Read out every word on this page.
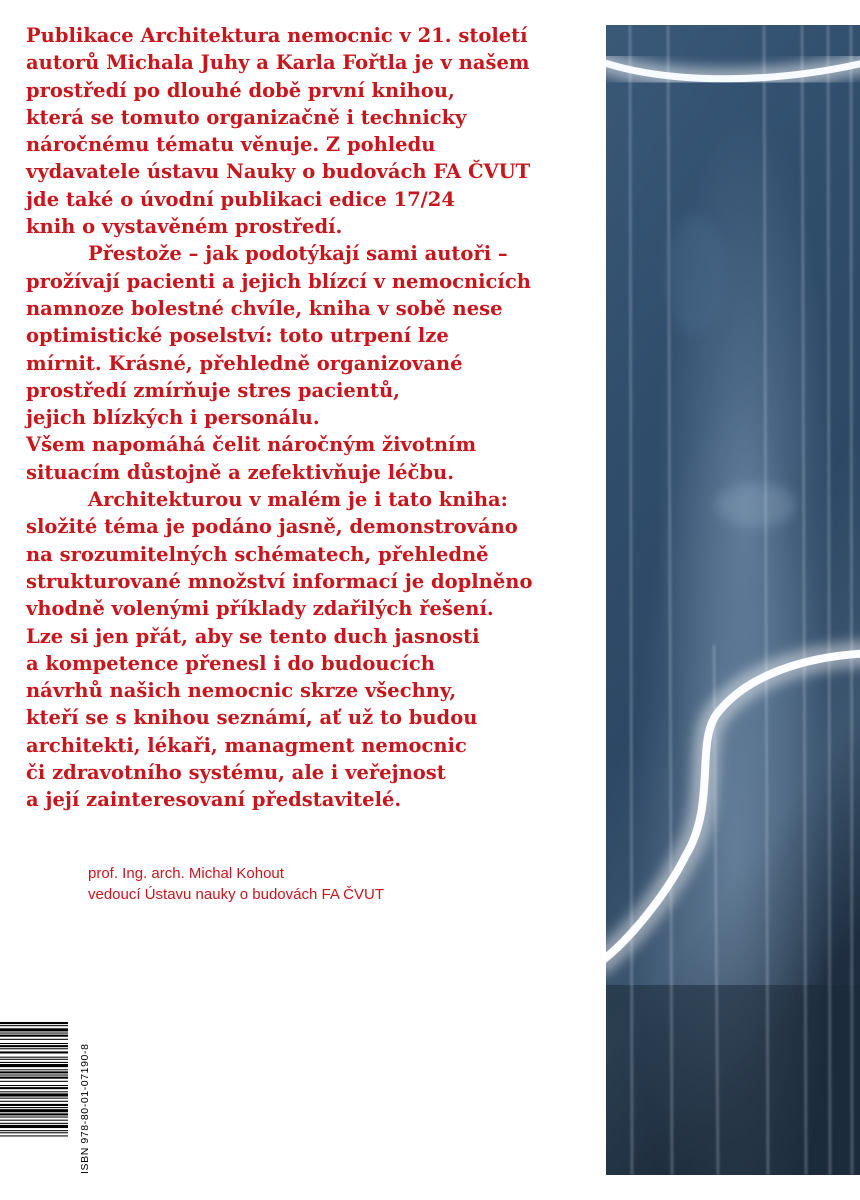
Publikace Architektura nemocnic v 21. století
autorů Michala Juhy a Karla Fořtla je v našem
prostředí po dlouhé době první knihou,
která se tomuto organizačně i technicky
náročnému tématu věnuje. Z pohledu
vydavatele ústavu Nauky o budovách FA ČVUT
jde také o úvodní publikaci edice 17/24
knih o vystavěném prostředí.
Přestože – jak podotýkají sami autoři –
prožívají pacienti a jejich blízcí v nemocnicích
namnoze bolestné chvíle, kniha v sobě nese
optimistické poselství: toto utrpení lze
mírnit. Krásné, přehledně organizované
prostředí zmírňuje stres pacientů,
jejich blízkých i personálu.
Všem napomáhá čelit náročným životním
situacím důstojně a zefektivňuje léčbu.
Architekturou v malém je i tato kniha:
složité téma je podáno jasně, demonstrováno
na srozumitelných schématech, přehledně
strukturované množství informací je doplněno
vhodně volenými příklady zdařilých řešení.
Lze si jen přát, aby se tento duch jasnosti
a kompetence přenesl i do budoucích
návrhů našich nemocnic skrze všechny,
kteří se s knihou seznámí, ať už to budou
architekti, lékaři, managment nemocnic
či zdravotního systému, ale i veřejnost
a její zainteresovaní představitelé.
prof. Ing. arch. Michal Kohout
vedoucí Ústavu nauky o budovách FA ČVUT
ISBN 978-80-01-07190-8
